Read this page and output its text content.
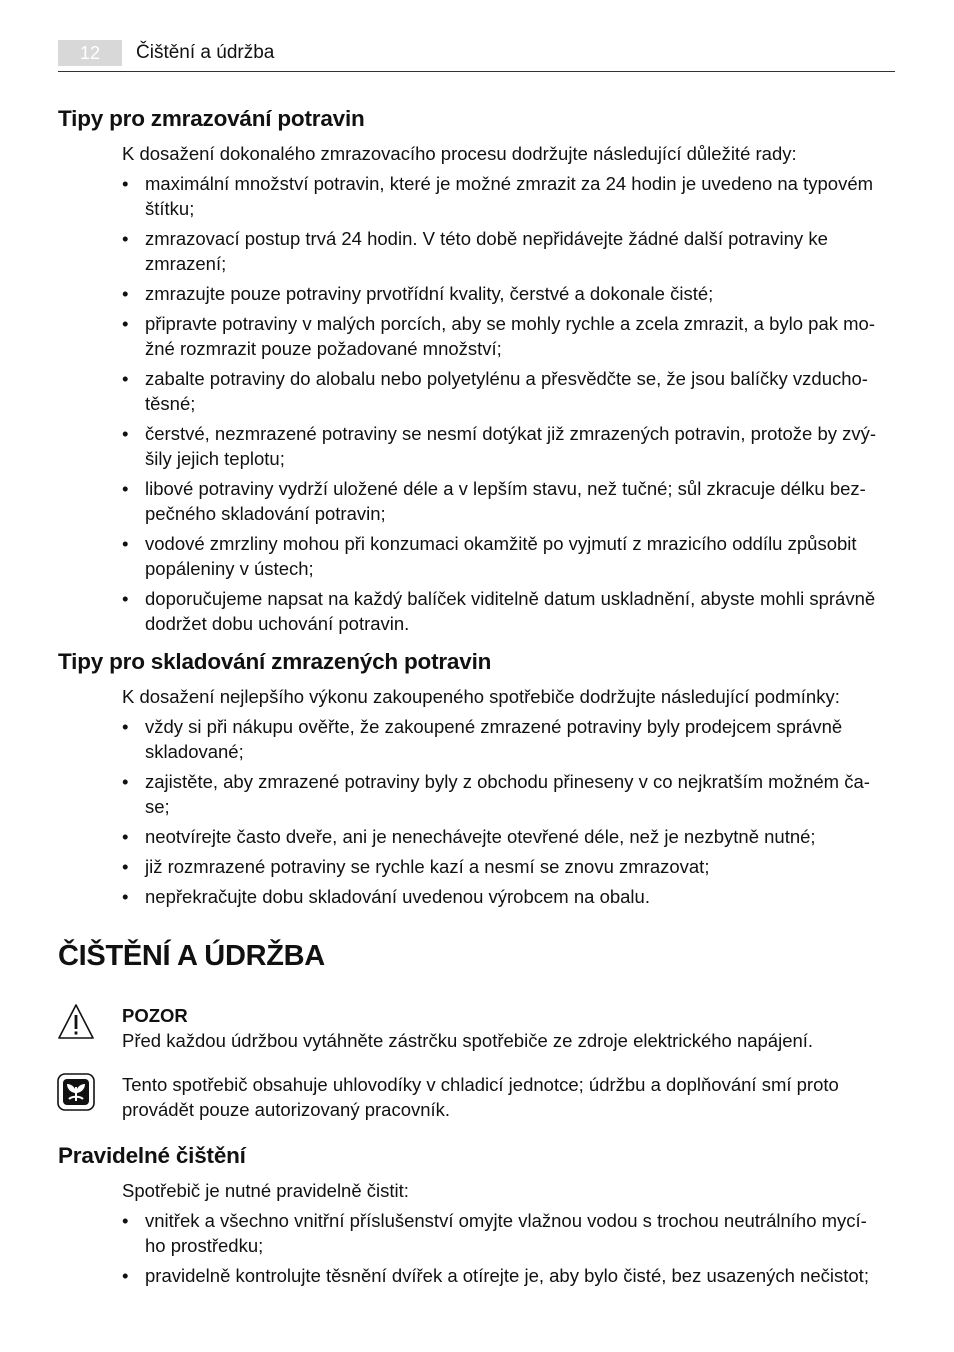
12	Čištění a údržba
Tipy pro zmrazování potravin
K dosažení dokonalého zmrazovacího procesu dodržujte následující důležité rady:
• maximální množství potravin, které je možné zmrazit za 24 hodin je uvedeno na typovém
štítku;
• zmrazovací postup trvá 24 hodin. V této době nepřidávejte žádné další potraviny ke
zmrazení;
• zmrazujte pouze potraviny prvotřídní kvality, čerstvé a dokonale čisté;
• připravte potraviny v malých porcích, aby se mohly rychle a zcela zmrazit, a bylo pak mo-
žné rozmrazit pouze požadované množství;
• zabalte potraviny do alobalu nebo polyetylénu a přesvědčte se, že jsou balíčky vzducho-
těsné;
• čerstvé, nezmrazené potraviny se nesmí dotýkat již zmrazených potravin, protože by zvý-
šily jejich teplotu;
• libové potraviny vydrží uložené déle a v lepším stavu, než tučné; sůl zkracuje délku bez-
pečného skladování potravin;
• vodové zmrzliny mohou při konzumaci okamžitě po vyjmutí z mrazicího oddílu způsobit
popáleniny v ústech;
• doporučujeme napsat na každý balíček viditelně datum uskladnění, abyste mohli správně
dodržet dobu uchování potravin.
Tipy pro skladování zmrazených potravin
K dosažení nejlepšího výkonu zakoupeného spotřebiče dodržujte následující podmínky:
• vždy si při nákupu ověřte, že zakoupené zmrazené potraviny byly prodejcem správně
skladované;
• zajistěte, aby zmrazené potraviny byly z obchodu přineseny v co nejkratším možném ča-
se;
• neotvírejte často dveře, ani je nenechávejte otevřené déle, než je nezbytně nutné;
• již rozmrazené potraviny se rychle kazí a nesmí se znovu zmrazovat;
• nepřekračujte dobu skladování uvedenou výrobcem na obalu.
ČIŠTĚNÍ A ÚDRŽBA
POZOR
Před každou údržbou vytáhněte zástrčku spotřebiče ze zdroje elektrického napájení.
Tento spotřebič obsahuje uhlovodíky v chladicí jednotce; údržbu a doplňování smí proto
provádět pouze autorizovaný pracovník.
Pravidelné čištění
Spotřebič je nutné pravidelně čistit:
• vnitřek a všechno vnitřní příslušenství omyjte vlažnou vodou s trochou neutrálního mycí-
ho prostředku;
• pravidelně kontrolujte těsnění dvířek a otírejte je, aby bylo čisté, bez usazených nečistot;
